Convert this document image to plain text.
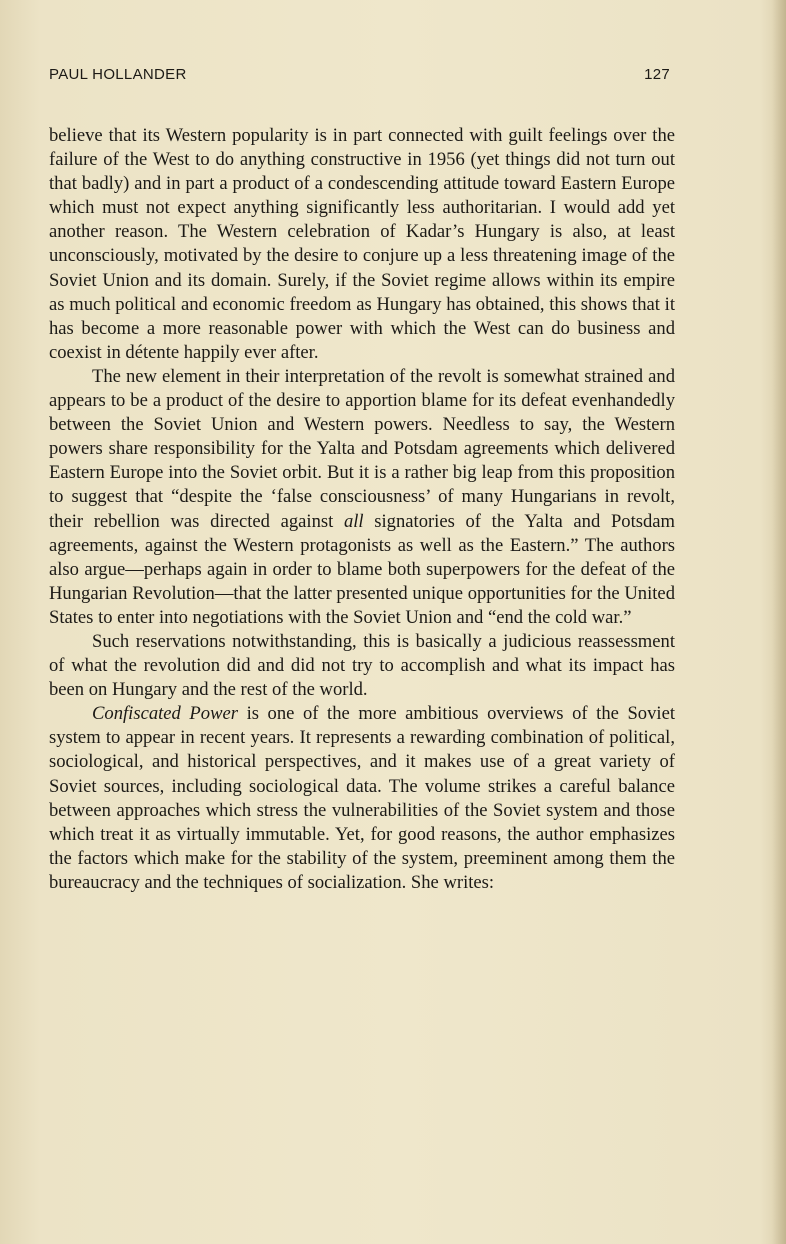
PAUL HOLLANDER	127

believe that its Western popularity is in part connected with guilt feelings over the failure of the West to do anything constructive in 1956 (yet things did not turn out that badly) and in part a product of a condescending attitude toward Eastern Europe which must not expect anything significantly less authoritarian. I would add yet another reason. The Western celebration of Kadar’s Hungary is also, at least unconsciously, motivated by the desire to conjure up a less threatening image of the Soviet Union and its domain. Surely, if the Soviet regime allows within its empire as much political and economic freedom as Hungary has obtained, this shows that it has become a more reasonable power with which the West can do business and coexist in détente happily ever after.

The new element in their interpretation of the revolt is somewhat strained and appears to be a product of the desire to apportion blame for its defeat evenhandedly between the Soviet Union and Western powers. Needless to say, the Western powers share responsibility for the Yalta and Potsdam agreements which delivered Eastern Europe into the Soviet orbit. But it is a rather big leap from this proposition to suggest that “despite the ‘false consciousness’ of many Hungarians in revolt, their rebellion was directed against all signatories of the Yalta and Potsdam agreements, against the Western protagonists as well as the Eastern.” The authors also argue—perhaps again in order to blame both superpowers for the defeat of the Hungarian Revolution—that the latter presented unique opportunities for the United States to enter into negotiations with the Soviet Union and “end the cold war.”

Such reservations notwithstanding, this is basically a judicious reassessment of what the revolution did and did not try to accomplish and what its impact has been on Hungary and the rest of the world.

Confiscated Power is one of the more ambitious overviews of the Soviet system to appear in recent years. It represents a rewarding combination of political, sociological, and historical perspectives, and it makes use of a great variety of Soviet sources, including sociological data. The volume strikes a careful balance between approaches which stress the vulnerabilities of the Soviet system and those which treat it as virtually immutable. Yet, for good reasons, the author emphasizes the factors which make for the stability of the system, preeminent among them the bureaucracy and the techniques of socialization. She writes:
